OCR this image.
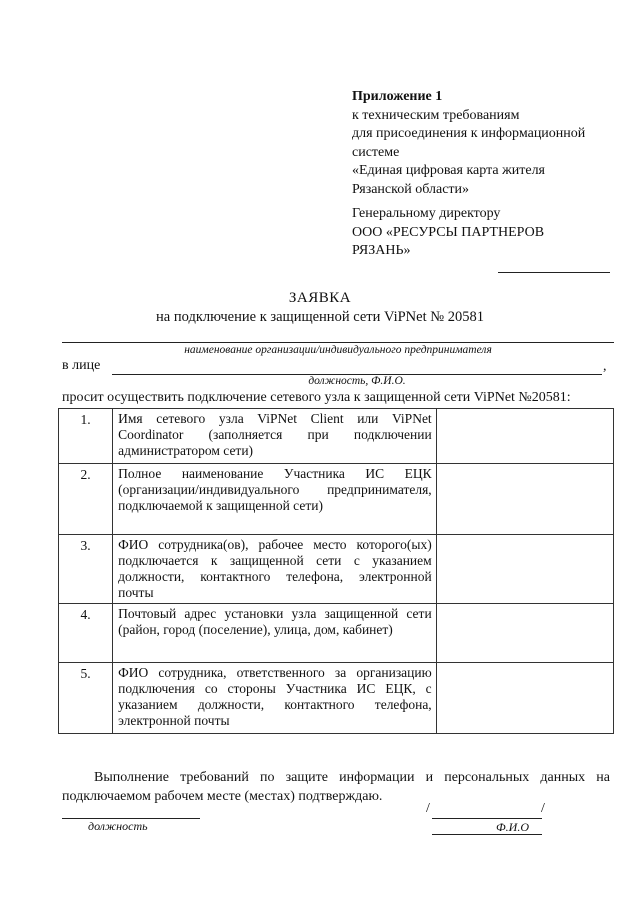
Приложение 1
к техническим требованиям
для присоединения к информационной
системе
«Единая цифровая карта жителя
Рязанской области»
Генеральному директору
ООО «РЕСУРСЫ ПАРТНЕРОВ
РЯЗАНЬ»
ЗАЯВКА
на подключение к защищенной сети ViPNet № 20581
наименование организации/индивидуального предпринимателя
в лице	,
должность, Ф.И.О.
просит осуществить подключение сетевого узла к защищенной сети ViPNet №20581:
1.	Имя сетевого узла ViPNet Client или ViPNet Coordinator (заполняется при подключении администратором сети)	
2.	Полное наименование Участника ИС ЕЦК (организации/индивидуального предпринимателя, подключаемой к защищенной сети)	
3.	ФИО сотрудника(ов), рабочее место которого(ых) подключается к защищенной сети с указанием должности, контактного телефона, электронной почты	
4.	Почтовый адрес установки узла защищенной сети (район, город (поселение), улица, дом, кабинет)	
5.	ФИО сотрудника, ответственного за организацию подключения со стороны Участника ИС ЕЦК, с указанием должности, контактного телефона, электронной почты	
Выполнение требований по защите информации и персональных данных на подключаемом рабочем месте (местах) подтверждаю.
должность
/	/
Ф.И.О
